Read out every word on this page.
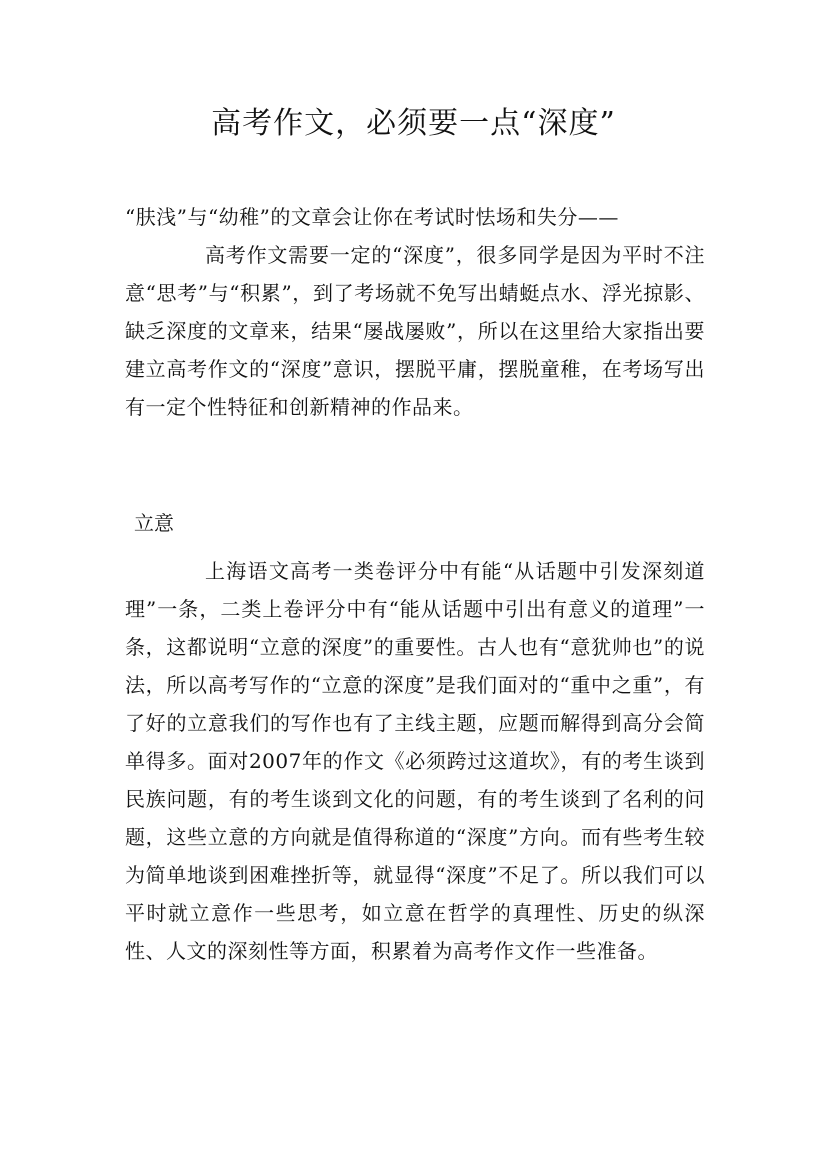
高考作文，必须要一点“深度”

“肤浅”与“幼稚”的文章会让你在考试时怯场和失分——

高考作文需要一定的“深度”，很多同学是因为平时不注意“思考”与“积累”，到了考场就不免写出蜻蜓点水、浮光掠影、缺乏深度的文章来，结果“屡战屡败”，所以在这里给大家指出要建立高考作文的“深度”意识，摆脱平庸，摆脱童稚，在考场写出有一定个性特征和创新精神的作品来。

立意

上海语文高考一类卷评分中有能“从话题中引发深刻道理”一条，二类上卷评分中有“能从话题中引出有意义的道理”一条，这都说明“立意的深度”的重要性。古人也有“意犹帅也”的说法，所以高考写作的“立意的深度”是我们面对的“重中之重”，有了好的立意我们的写作也有了主线主题，应题而解得到高分会简单得多。面对2007年的作文《必须跨过这道坎》，有的考生谈到民族问题，有的考生谈到文化的问题，有的考生谈到了名利的问题，这些立意的方向就是值得称道的“深度”方向。而有些考生较为简单地谈到困难挫折等，就显得“深度”不足了。所以我们可以平时就立意作一些思考，如立意在哲学的真理性、历史的纵深性、人文的深刻性等方面，积累着为高考作文作一些准备。
